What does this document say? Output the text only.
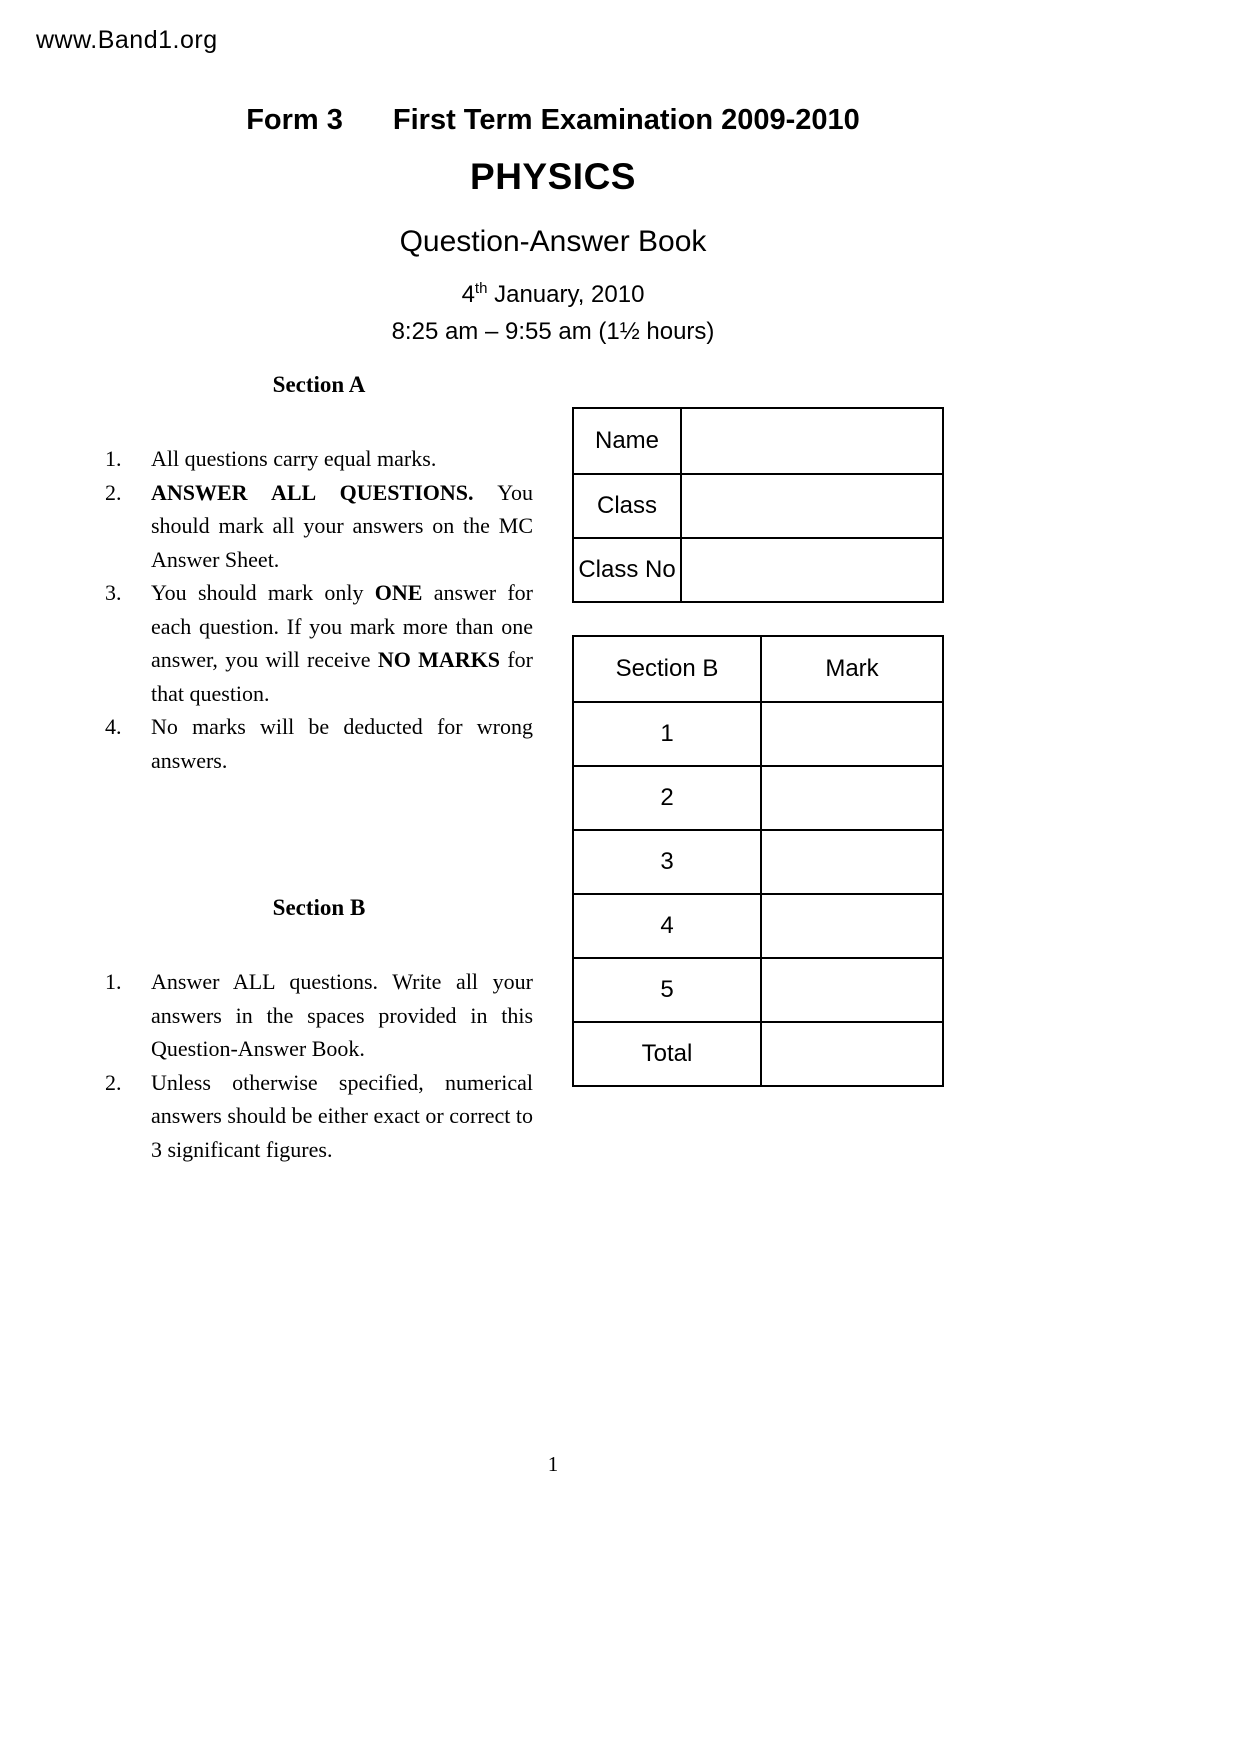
www.Band1.org
Form 3 First Term Examination 2009-2010
PHYSICS
Question-Answer Book
4th January, 2010
8:25 am – 9:55 am (1½ hours)
Section A
1.	All questions carry equal marks.
2.	ANSWER ALL QUESTIONS. You should mark all your answers on the MC Answer Sheet.
3.	You should mark only ONE answer for each question. If you mark more than one answer, you will receive NO MARKS for that question.
4.	No marks will be deducted for wrong answers.
Section B
1.	Answer ALL questions. Write all your answers in the spaces provided in this Question-Answer Book.
2.	Unless otherwise specified, numerical answers should be either exact or correct to 3 significant figures.
Name
Class
Class No
Section B	Mark
1
2
3
4
5
Total
1
